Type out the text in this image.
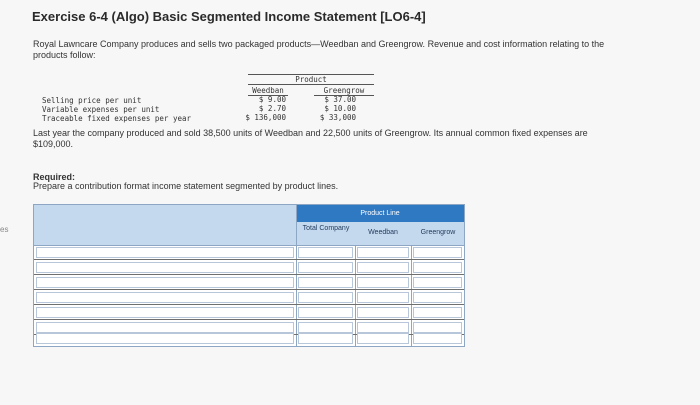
Exercise 6-4 (Algo) Basic Segmented Income Statement [LO6-4]
Royal Lawncare Company produces and sells two packaged products—Weedban and Greengrow. Revenue and cost information relating to the products follow:
es
Product
Weedban	Greengrow
Selling price per unit	$ 9.00	$ 37.00
Variable expenses per unit	$ 2.70	$ 10.00
Traceable fixed expenses per year	$ 136,000	$ 33,000
Last year the company produced and sold 38,500 units of Weedban and 22,500 units of Greengrow. Its annual common fixed expenses are $109,000.
Required:
Prepare a contribution format income statement segmented by product lines.
Product Line
Total Company
Weedban	Greengrow
